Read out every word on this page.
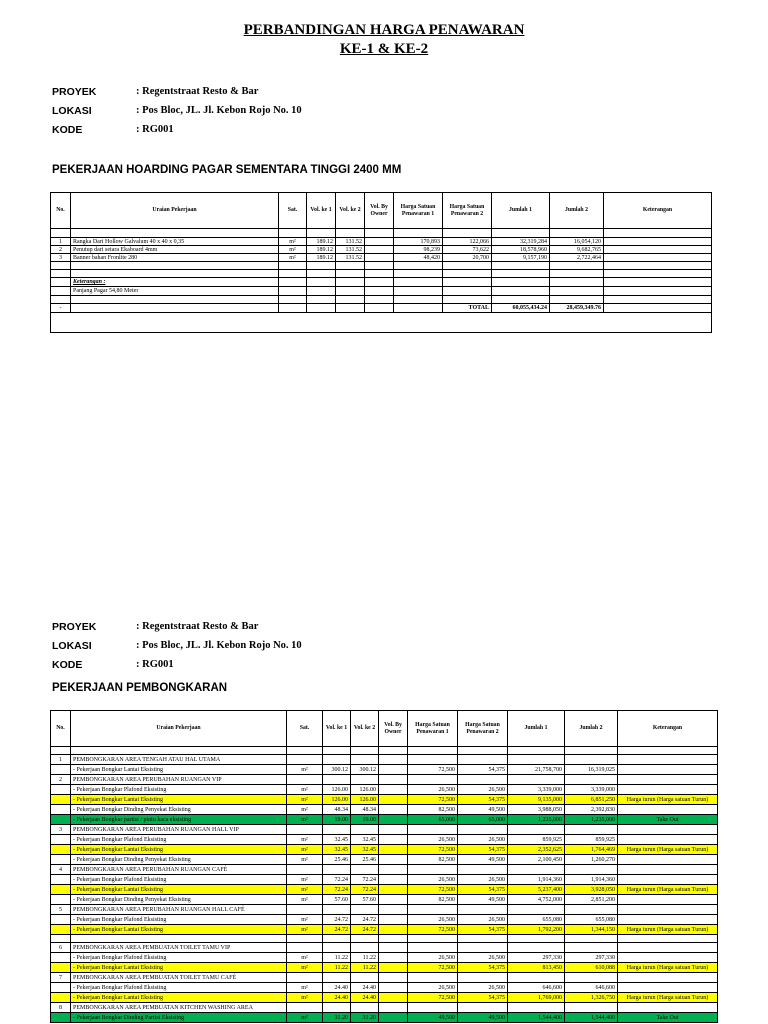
PERBANDINGAN HARGA PENAWARAN
KE-1 & KE-2
PROYEK	: Regentstraat Resto & Bar
LOKASI	: Pos Bloc, JL. Jl. Kebon Rojo No. 10
KODE	: RG001
PEKERJAAN HOARDING PAGAR SEMENTARA TINGGI 2400 MM
No.	Uraian Pekerjaan	Sat.	Vol. ke 1	Vol. ke 2	Vol. By Owner	Harga Satuan Penawaran 1	Harga Satuan Penawaran 2	Jumlah 1	Jumlah 2	Keterangan

1	Rangka Dari Hollow Galvalum 40 x 40 x 0,35	m²	189.12	131.52		170,893	122,066	32,319,284	16,054,120	
2	Penutup dari setara Ekaboard 4mm	m²	189.12	131.52		98,239	73,622	18,578,960	9,682,765	
3	Banner bahan Fronlite 280	m²	189.12	131.52		48,420	20,700	9,157,190	2,722,464	

	Keterangan :									
	Panjang Pagar 54,80 Meter									

-							TOTAL	60,055,434.24	28,459,349.76	

PROYEK	: Regentstraat Resto & Bar
LOKASI	: Pos Bloc, JL. Jl. Kebon Rojo No. 10
KODE	: RG001
PEKERJAAN PEMBONGKARAN
No.	Uraian Pekerjaan	Sat.	Vol. ke 1	Vol. ke 2	Vol. By Owner	Harga Satuan Penawaran 1	Harga Satuan Penawaran 2	Jumlah 1	Jumlah 2	Keterangan

1	PEMBONGKARAN AREA TENGAH ATAU HAL UTAMA									
	- Pekerjaan Bongkar Lantai Eksisting	m²	300.12	300.12		72,500	54,375	21,758,700	16,319,025	
2	PEMBONGKARAN AREA PERUBAHAN RUANGAN VIP									
	- Pekerjaan Bongkar Plafond Eksisting	m²	126.00	126.00		26,500	26,500	3,339,000	3,339,000	
	- Pekerjaan Bongkar Lantai Eksisting	m²	126.00	126.00		72,500	54,375	9,135,000	6,851,250	Harga turun (Harga satuan Turun)
	- Pekerjaan Bongkar Dinding Penyekat Eksisting	m²	48.34	48.34		82,500	49,500	3,988,050	2,392,830	
	- Pekerjaan Bongkar partisi / pintu kaca eksisting	m²	19.00	19.00		65,000	65,000	1,235,000	1,235,000	Take Out
3	PEMBONGKARAN AREA PERUBAHAN RUANGAN HALL VIP									
	- Pekerjaan Bongkar Plafond Eksisting	m²	32.45	32.45		26,500	26,500	859,925	859,925	
	- Pekerjaan Bongkar Lantai Eksisting	m²	32.45	32.45		72,500	54,375	2,352,625	1,764,469	Harga turun (Harga satuan Turun)
	- Pekerjaan Bongkar Dinding Penyekat Eksisting	m²	25.46	25.46		82,500	49,500	2,100,450	1,260,270	
4	PEMBONGKARAN AREA PERUBAHAN RUANGAN CAFÉ									
	- Pekerjaan Bongkar Plafond Eksisting	m²	72.24	72.24		26,500	26,500	1,914,360	1,914,360	
	- Pekerjaan Bongkar Lantai Eksisting	m²	72.24	72.24		72,500	54,375	5,237,400	3,928,050	Harga turun (Harga satuan Turun)
	- Pekerjaan Bongkar Dinding Penyekat Eksisting	m²	57.60	57.60		82,500	49,500	4,752,000	2,851,200	
5	PEMBONGKARAN AREA PERUBAHAN RUANGAN HALL CAFÉ									
	- Pekerjaan Bongkar Plafond Eksisting	m²	24.72	24.72		26,500	26,500	655,080	655,080	
	- Pekerjaan Bongkar Lantai Eksisting	m²	24.72	24.72		72,500	54,375	1,792,200	1,344,150	Harga turun (Harga satuan Turun)

6	PEMBONGKARAN AREA PEMBUATAN TOILET TAMU VIP									
	- Pekerjaan Bongkar Plafond Eksisting	m²	11.22	11.22		26,500	26,500	297,330	297,330	
	- Pekerjaan Bongkar Lantai Eksisting	m²	11.22	11.22		72,500	54,375	813,450	610,088	Harga turun (Harga satuan Turun)
7	PEMBONGKARAN AREA PEMBUATAN TOILET TAMU CAFÉ									
	- Pekerjaan Bongkar Plafond Eksisting	m²	24.40	24.40		26,500	26,500	646,600	646,600	
	- Pekerjaan Bongkar Lantai Eksisting	m²	24.40	24.40		72,500	54,375	1,769,000	1,326,750	Harga turun (Harga satuan Turun)
8	PEMBONGKARAN AREA PEMBUATAN KITCHEN WASHING AREA									
	- Pekerjaan Bongkar Dinding Partisi Eksisting	m²	31.20	31.20		49,500	49,500	1,544,400	1,544,400	Take Out
